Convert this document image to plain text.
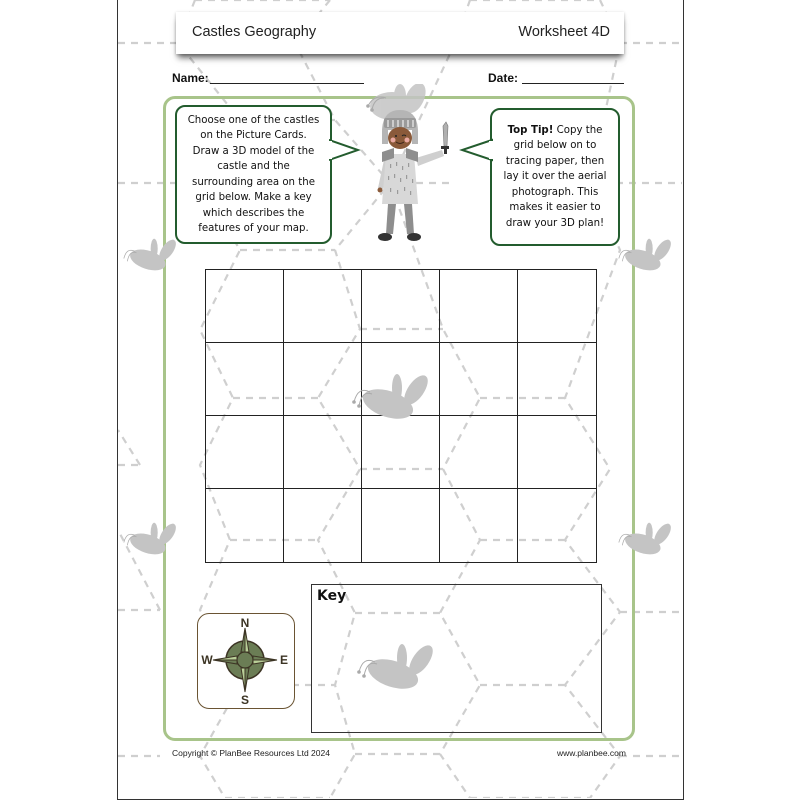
Castles Geography	Worksheet 4D
Name:	Date:
Choose one of the castles on the Picture Cards. Draw a 3D model of the castle and the surrounding area on the grid below. Make a key which describes the features of your map.
Top Tip! Copy the grid below on to tracing paper, then lay it over the aerial photograph. This makes it easier to draw your 3D plan!
N
S
W	E
Key
Copyright © PlanBee Resources Ltd 2024	www.planbee.com
